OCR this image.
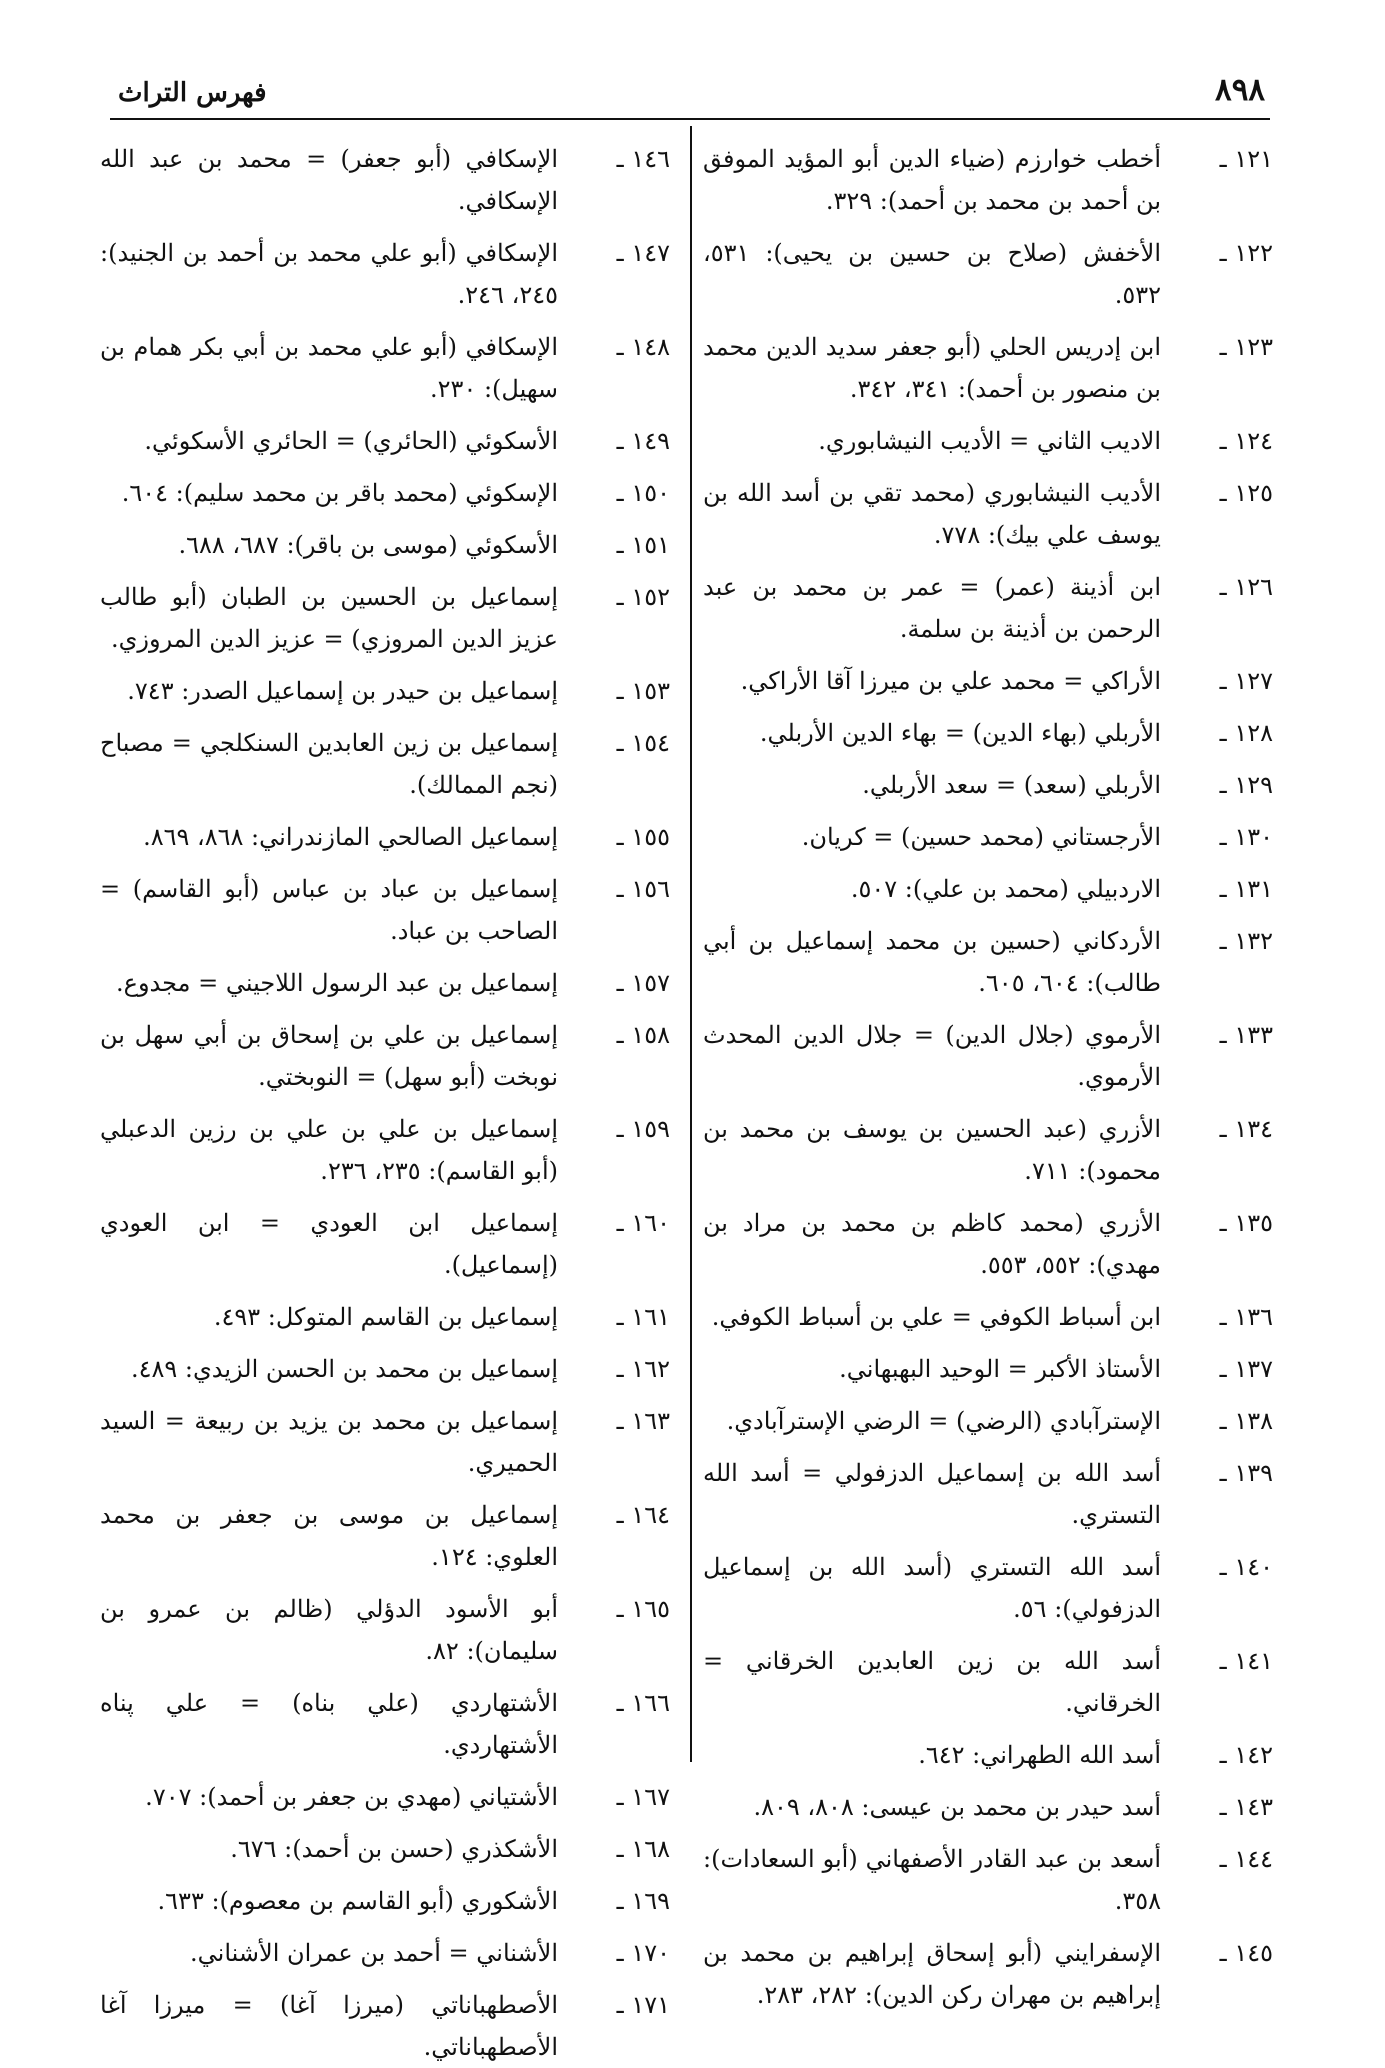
٨٩٨
فهرس التراث
١٢١ ـ
أخطب خوارزم (ضياء الدين أبو المؤيد الموفق بن أحمد بن محمد بن أحمد): ٣٢٩.
١٢٢ ـ
الأخفش (صلاح بن حسين بن يحيى): ٥٣١، ٥٣٢.
١٢٣ ـ
ابن إدريس الحلي (أبو جعفر سديد الدين محمد بن منصور بن أحمد): ٣٤١، ٣٤٢.
١٢٤ ـ
الاديب الثاني = الأديب النيشابوري.
١٢٥ ـ
الأديب النيشابوري (محمد تقي بن أسد الله بن يوسف علي بيك): ٧٧٨.
١٢٦ ـ
ابن أذينة (عمر) = عمر بن محمد بن عبد الرحمن بن أذينة بن سلمة.
١٢٧ ـ
الأراكي = محمد علي بن ميرزا آقا الأراكي.
١٢٨ ـ
الأربلي (بهاء الدين) = بهاء الدين الأربلي.
١٢٩ ـ
الأربلي (سعد) = سعد الأربلي.
١٣٠ ـ
الأرجستاني (محمد حسين) = كريان.
١٣١ ـ
الاردبيلي (محمد بن علي): ٥٠٧.
١٣٢ ـ
الأردكاني (حسين بن محمد إسماعيل بن أبي طالب): ٦٠٤، ٦٠٥.
١٣٣ ـ
الأرموي (جلال الدين) = جلال الدين المحدث الأرموي.
١٣٤ ـ
الأزري (عبد الحسين بن يوسف بن محمد بن محمود): ٧١١.
١٣٥ ـ
الأزري (محمد كاظم بن محمد بن مراد بن مهدي): ٥٥٢، ٥٥٣.
١٣٦ ـ
ابن أسباط الكوفي = علي بن أسباط الكوفي.
١٣٧ ـ
الأستاذ الأكبر = الوحيد البهبهاني.
١٣٨ ـ
الإسترآبادي (الرضي) = الرضي الإسترآبادي.
١٣٩ ـ
أسد الله بن إسماعيل الدزفولي = أسد الله التستري.
١٤٠ ـ
أسد الله التستري (أسد الله بن إسماعيل الدزفولي): ٥٦.
١٤١ ـ
أسد الله بن زين العابدين الخرقاني = الخرقاني.
١٤٢ ـ
أسد الله الطهراني: ٦٤٢.
١٤٣ ـ
أسد حيدر بن محمد بن عيسى: ٨٠٨، ٨٠٩.
١٤٤ ـ
أسعد بن عبد القادر الأصفهاني (أبو السعادات): ٣٥٨.
١٤٥ ـ
الإسفرايني (أبو إسحاق إبراهيم بن محمد بن إبراهيم بن مهران ركن الدين): ٢٨٢، ٢٨٣.
١٤٦ ـ
الإسكافي (أبو جعفر) = محمد بن عبد الله الإسكافي.
١٤٧ ـ
الإسكافي (أبو علي محمد بن أحمد بن الجنيد): ٢٤٥، ٢٤٦.
١٤٨ ـ
الإسكافي (أبو علي محمد بن أبي بكر همام بن سهيل): ٢٣٠.
١٤٩ ـ
الأسكوئي (الحائري) = الحائري الأسكوئي.
١٥٠ ـ
الإسكوئي (محمد باقر بن محمد سليم): ٦٠٤.
١٥١ ـ
الأسكوئي (موسى بن باقر): ٦٨٧، ٦٨٨.
١٥٢ ـ
إسماعيل بن الحسين بن الطبان (أبو طالب عزيز الدين المروزي) = عزيز الدين المروزي.
١٥٣ ـ
إسماعيل بن حيدر بن إسماعيل الصدر: ٧٤٣.
١٥٤ ـ
إسماعيل بن زين العابدين السنكلجي = مصباح (نجم الممالك).
١٥٥ ـ
إسماعيل الصالحي المازندراني: ٨٦٨، ٨٦٩.
١٥٦ ـ
إسماعيل بن عباد بن عباس (أبو القاسم) = الصاحب بن عباد.
١٥٧ ـ
إسماعيل بن عبد الرسول اللاجيني = مجدوع.
١٥٨ ـ
إسماعيل بن علي بن إسحاق بن أبي سهل بن نوبخت (أبو سهل) = النوبختي.
١٥٩ ـ
إسماعيل بن علي بن علي بن رزين الدعبلي (أبو القاسم): ٢٣٥، ٢٣٦.
١٦٠ ـ
إسماعيل ابن العودي = ابن العودي (إسماعيل).
١٦١ ـ
إسماعيل بن القاسم المتوكل: ٤٩٣.
١٦٢ ـ
إسماعيل بن محمد بن الحسن الزيدي: ٤٨٩.
١٦٣ ـ
إسماعيل بن محمد بن يزيد بن ربيعة = السيد الحميري.
١٦٤ ـ
إسماعيل بن موسى بن جعفر بن محمد العلوي: ١٢٤.
١٦٥ ـ
أبو الأسود الدؤلي (ظالم بن عمرو بن سليمان): ٨٢.
١٦٦ ـ
الأشتهاردي (علي بناه) = علي پناه الأشتهاردي.
١٦٧ ـ
الأشتياني (مهدي بن جعفر بن أحمد): ٧٠٧.
١٦٨ ـ
الأشكذري (حسن بن أحمد): ٦٧٦.
١٦٩ ـ
الأشكوري (أبو القاسم بن معصوم): ٦٣٣.
١٧٠ ـ
الأشناني = أحمد بن عمران الأشناني.
١٧١ ـ
الأصطهباناتي (ميرزا آغا) = ميرزا آغا الأصطهباناتي.
